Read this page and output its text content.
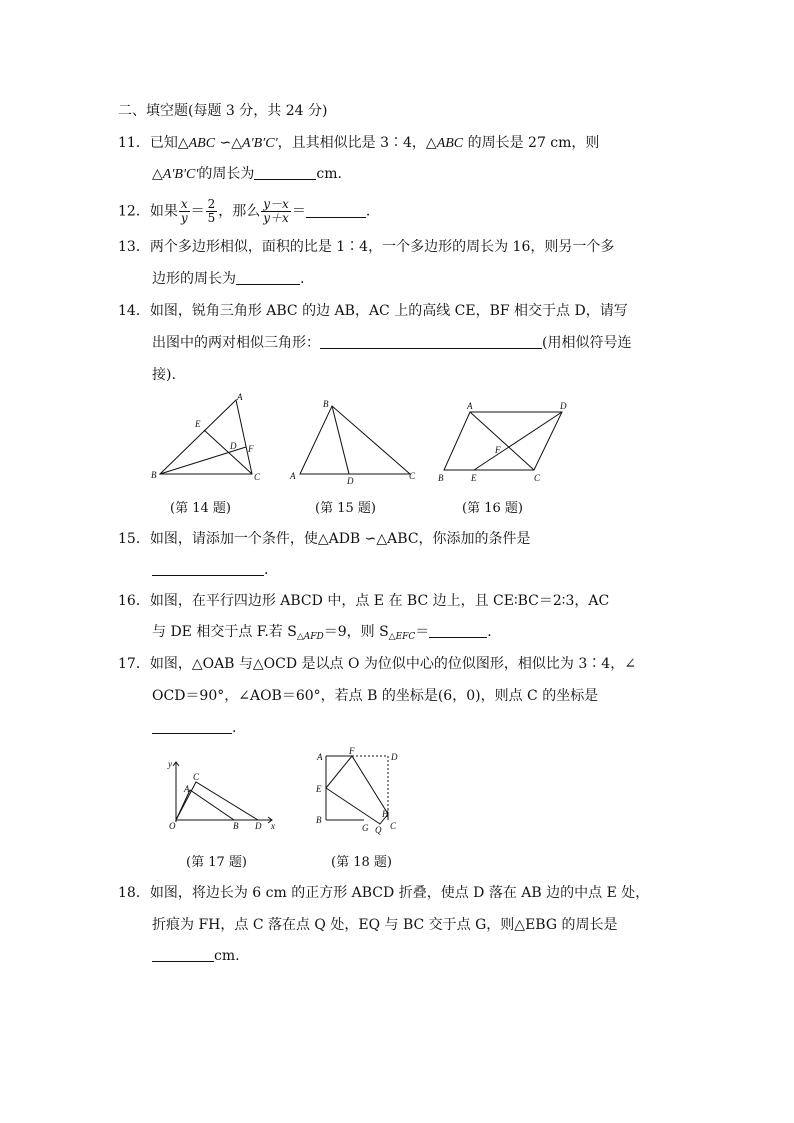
二、填空题(每题 3 分，共 24 分)
11．已知△ABC ∽△A′B′C′，且其相似比是 3∶4，△ABC 的周长是 27 cm，则
△A′B′C′的周长为	cm.
12．如果 $\frac{x}{y} = \frac{2}{5}$ ，那么 $\frac{y-x}{y+x}$ ＝	.
13．两个多边形相似，面积的比是 1∶4，一个多边形的周长为 16，则另一个多
边形的周长为	.
14．如图，锐角三角形 ABC 的边 AB，AC 上的高线 CE，BF 相交于点 D，请写
出图中的两对相似三角形：	(用相似符号连
接).
A
E
D F
B	C
B
A	D	C
A	D
F
B	E	C
(第 14 题)	(第 15 题)	(第 16 题)
15．如图，请添加一个条件，使△ADB ∽△ABC，你添加的条件是
.
16．如图，在平行四边形 ABCD 中，点 E 在 BC 边上，且 CE∶BC＝2∶3，AC
与 DE 相交于点 F.若 $S_{\triangle AFD}=9$，则 $S_{\triangle EFC}=$	.
17．如图，△OAB 与△OCD 是以点 O 为位似中心的位似图形，相似比为 3∶4，∠
OCD＝90°，∠AOB＝60°，若点 B 的坐标是(6，0)，则点 C 的坐标是
.
y
C
A
O	B D x
A
F
D
E
B
G
H
Q C
(第 17 题)	(第 18 题)
18．如图，将边长为 6 cm 的正方形 ABCD 折叠，使点 D 落在 AB 边的中点 E 处，
折痕为 FH，点 C 落在点 Q 处，EQ 与 BC 交于点 G，则△EBG 的周长是
cm.
